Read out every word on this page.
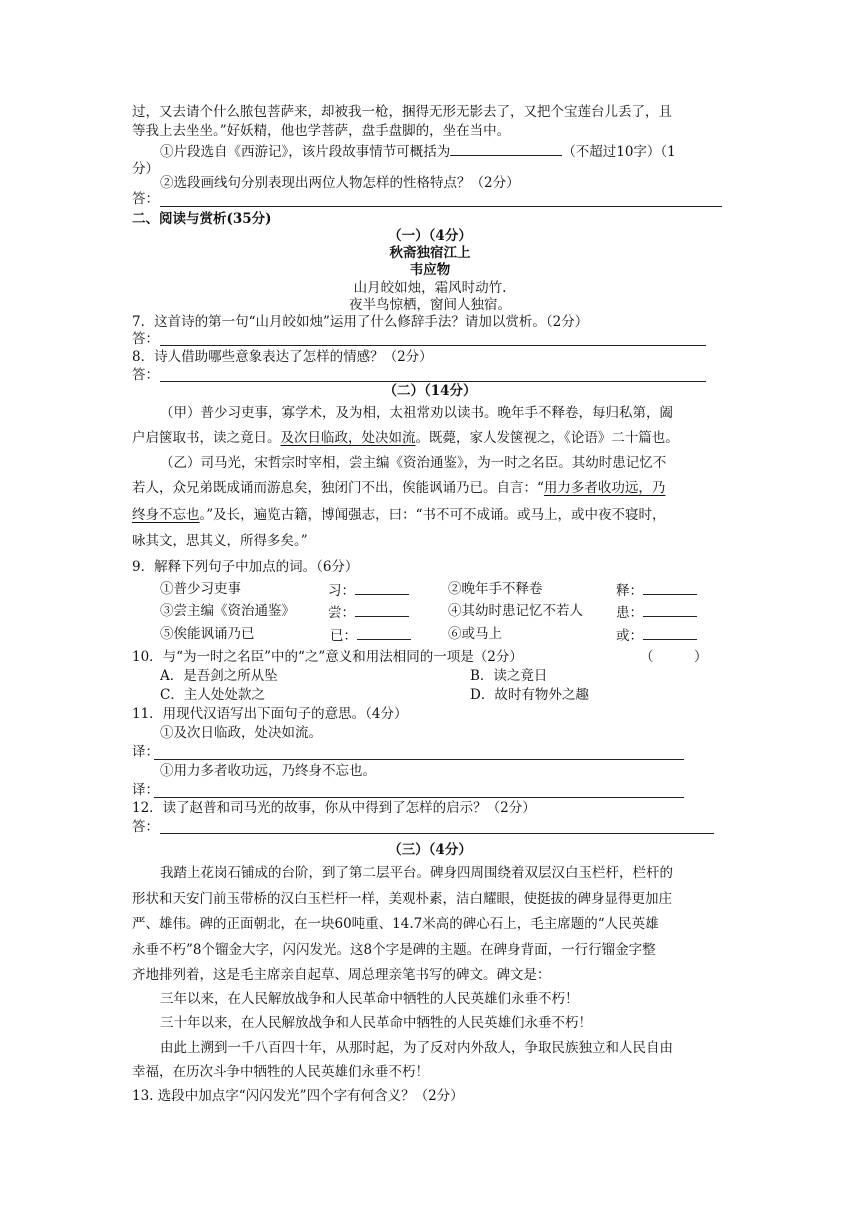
过，又去请个什么脓包菩萨来，却被我一枪，捆得无形无影去了，又把个宝莲台儿丢了，且
等我上去坐坐。”好妖精，他也学菩萨，盘手盘脚的，坐在当中。
①片段选自《西游记》，该片段故事情节可概括为	（不超过10字）（1
分）
②选段画线句分别表现出两位人物怎样的性格特点？（2分）
答：
二、阅读与赏析(35分)
（一）（4分）
秋斋独宿江上
韦应物
山月皎如烛，霜风时动竹.
夜半鸟惊栖，窗间人独宿。
7．这首诗的第一句“山月皎如烛”运用了什么修辞手法？请加以赏析。（2分）
答：
8．诗人借助哪些意象表达了怎样的情感？（2分）
答：
（二）（14分）
（甲）普少习吏事，寡学术，及为相，太祖常劝以读书。晚年手不释卷，每归私第，阖
户启箧取书，读之竟日。及次日临政，处决如流。既薨，家人发箧视之，《论语》二十篇也。
（乙）司马光，宋哲宗时宰相，尝主编《资治通鉴》，为一时之名臣。其幼时患记忆不
若人，众兄弟既成诵而游息矣，独闭门不出，俟能讽诵乃已。自言：“用力多者收功远，乃
终身不忘也。”及长，遍览古籍，博闻强志，曰：“书不可不成诵。或马上，或中夜不寝时，
咏其文，思其义，所得多矣。”
9．解释下列句子中加点的词。（6分）
①普少习吏事	习：	②晚年手不释卷	释：
③尝主编《资治通鉴》 尝：	④其幼时患记忆不若人 患：
⑤俟能讽诵乃已	已：	⑥或马上	或：
10．与“为一时之名臣”中的“之”意义和用法相同的一项是（2分）	（　　　）
A．是吾剑之所从坠	B．读之竟日
C．主人处处款之	D．故时有物外之趣
11．用现代汉语写出下面句子的意思。（4分）
①及次日临政，处决如流。
译：
①用力多者收功远，乃终身不忘也。
译：
12．读了赵普和司马光的故事，你从中得到了怎样的启示？（2分）
答：
（三）（4分）
我踏上花岗石铺成的台阶，到了第二层平台。碑身四周围绕着双层汉白玉栏杆，栏杆的
形状和天安门前玉带桥的汉白玉栏杆一样，美观朴素，洁白耀眼，使挺拔的碑身显得更加庄
严、雄伟。碑的正面朝北，在一块60吨重、14.7米高的碑心石上，毛主席题的“人民英雄
永垂不朽”8个镏金大字，闪闪发光。这8个字是碑的主题。在碑身背面，一行行镏金字整
齐地排列着，这是毛主席亲自起草、周总理亲笔书写的碑文。碑文是：
三年以来，在人民解放战争和人民革命中牺牲的人民英雄们永垂不朽！
三十年以来，在人民解放战争和人民革命中牺牲的人民英雄们永垂不朽！
由此上溯到一千八百四十年，从那时起，为了反对内外敌人，争取民族独立和人民自由
幸福，在历次斗争中牺牲的人民英雄们永垂不朽！
13. 选段中加点字“闪闪发光”四个字有何含义？（2分）
